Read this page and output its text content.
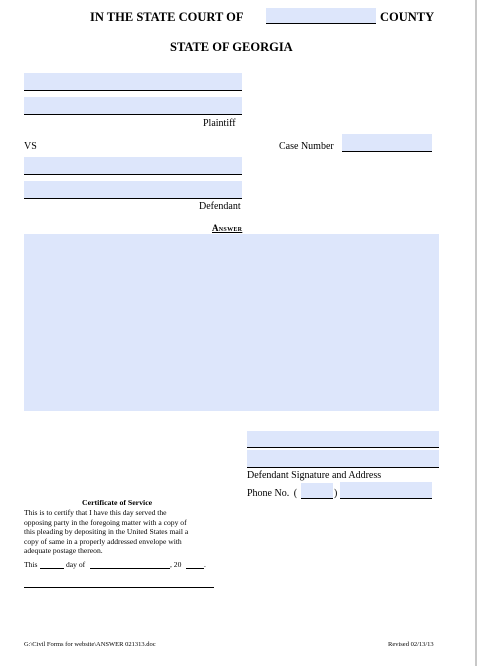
IN THE STATE COURT OF	COUNTY
STATE OF GEORGIA
Plaintiff
VS	Case Number
Defendant
Answer
Defendant Signature and Address
Phone No. (	)
Certificate of Service
This is to certify that I have this day served the
opposing party in the foregoing matter with a copy of
this pleading by depositing in the United States mail a
copy of same in a properly addressed envelope with
adequate postage thereon.
This	day of	, 20	.
G:\Civil Forms for website\ANSWER 021313.doc	Revised 02/13/13
